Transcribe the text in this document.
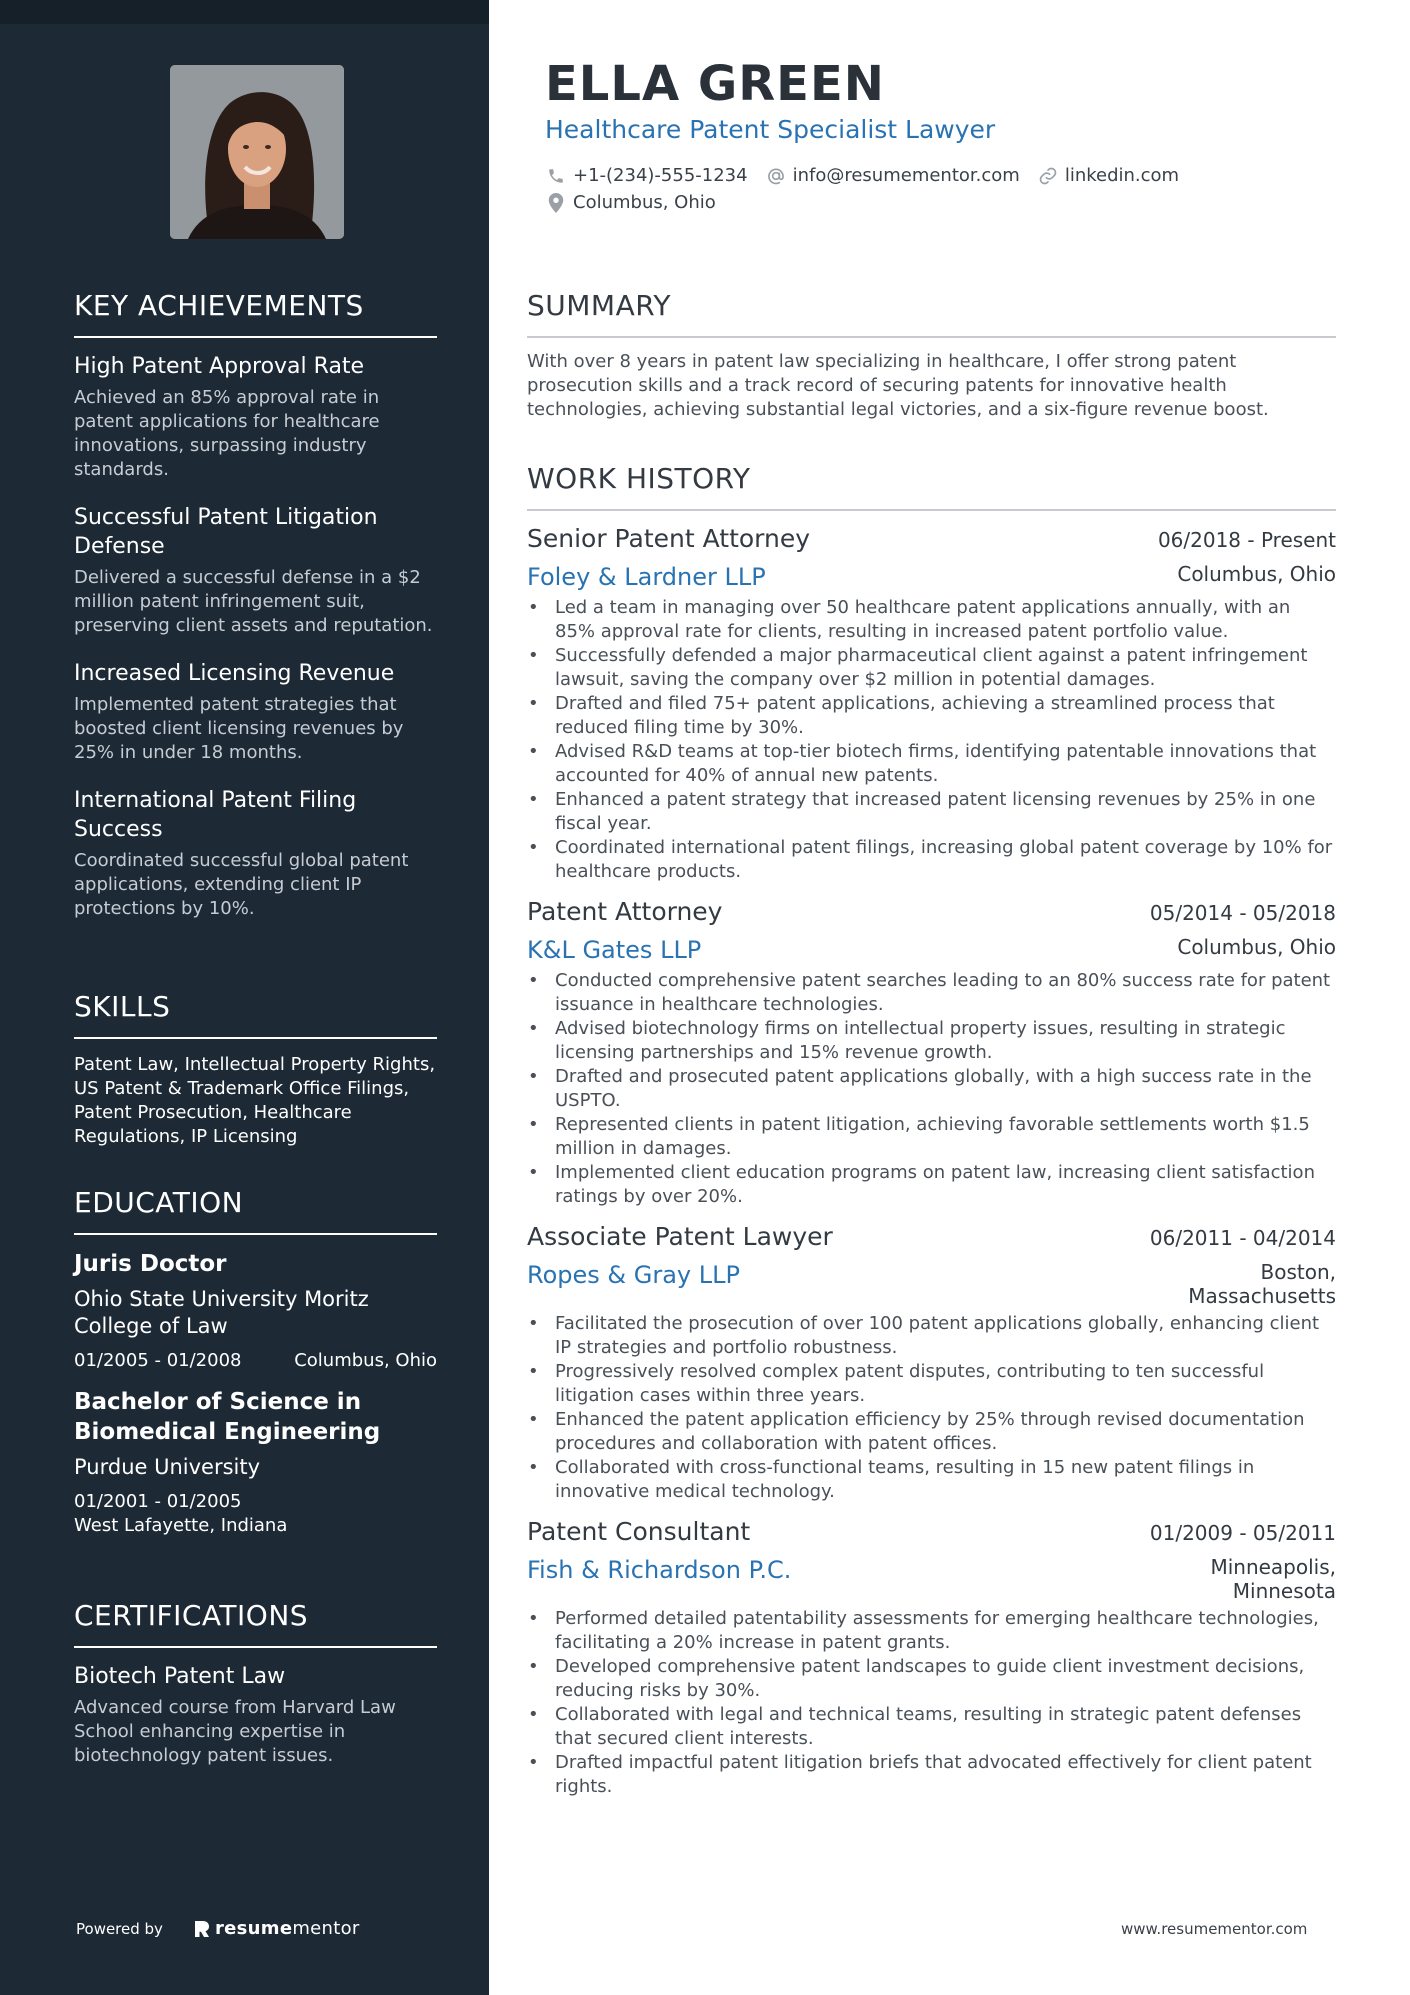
KEY ACHIEVEMENTS
High Patent Approval Rate
Achieved an 85% approval rate in patent applications for healthcare innovations, surpassing industry standards.
Successful Patent Litigation Defense
Delivered a successful defense in a $2 million patent infringement suit, preserving client assets and reputation.
Increased Licensing Revenue
Implemented patent strategies that boosted client licensing revenues by 25% in under 18 months.
International Patent Filing Success
Coordinated successful global patent applications, extending client IP protections by 10%.
SKILLS
Patent Law, Intellectual Property Rights, US Patent & Trademark Office Filings, Patent Prosecution, Healthcare Regulations, IP Licensing
EDUCATION
Juris Doctor
Ohio State University Moritz College of Law
01/2005 - 01/2008	Columbus, Ohio
Bachelor of Science in Biomedical Engineering
Purdue University
01/2001 - 01/2005
West Lafayette, Indiana
CERTIFICATIONS
Biotech Patent Law
Advanced course from Harvard Law School enhancing expertise in biotechnology patent issues.
Powered by	resume mentor
ELLA GREEN
Healthcare Patent Specialist Lawyer
+1-(234)-555-1234	info@resumementor.com	linkedin.com
Columbus, Ohio
SUMMARY
With over 8 years in patent law specializing in healthcare, I offer strong patent prosecution skills and a track record of securing patents for innovative health technologies, achieving substantial legal victories, and a six-figure revenue boost.
WORK HISTORY
Senior Patent Attorney	06/2018 - Present
Foley & Lardner LLP	Columbus, Ohio
• Led a team in managing over 50 healthcare patent applications annually, with an 85% approval rate for clients, resulting in increased patent portfolio value.
• Successfully defended a major pharmaceutical client against a patent infringement lawsuit, saving the company over $2 million in potential damages.
• Drafted and filed 75+ patent applications, achieving a streamlined process that reduced filing time by 30%.
• Advised R&D teams at top-tier biotech firms, identifying patentable innovations that accounted for 40% of annual new patents.
• Enhanced a patent strategy that increased patent licensing revenues by 25% in one fiscal year.
• Coordinated international patent filings, increasing global patent coverage by 10% for healthcare products.
Patent Attorney	05/2014 - 05/2018
K&L Gates LLP	Columbus, Ohio
• Conducted comprehensive patent searches leading to an 80% success rate for patent issuance in healthcare technologies.
• Advised biotechnology firms on intellectual property issues, resulting in strategic licensing partnerships and 15% revenue growth.
• Drafted and prosecuted patent applications globally, with a high success rate in the USPTO.
• Represented clients in patent litigation, achieving favorable settlements worth $1.5 million in damages.
• Implemented client education programs on patent law, increasing client satisfaction ratings by over 20%.
Associate Patent Lawyer	06/2011 - 04/2014
Ropes & Gray LLP	Boston, Massachusetts
• Facilitated the prosecution of over 100 patent applications globally, enhancing client IP strategies and portfolio robustness.
• Progressively resolved complex patent disputes, contributing to ten successful litigation cases within three years.
• Enhanced the patent application efficiency by 25% through revised documentation procedures and collaboration with patent offices.
• Collaborated with cross-functional teams, resulting in 15 new patent filings in innovative medical technology.
Patent Consultant	01/2009 - 05/2011
Fish & Richardson P.C.	Minneapolis, Minnesota
• Performed detailed patentability assessments for emerging healthcare technologies, facilitating a 20% increase in patent grants.
• Developed comprehensive patent landscapes to guide client investment decisions, reducing risks by 30%.
• Collaborated with legal and technical teams, resulting in strategic patent defenses that secured client interests.
• Drafted impactful patent litigation briefs that advocated effectively for client patent rights.
www.resumementor.com
